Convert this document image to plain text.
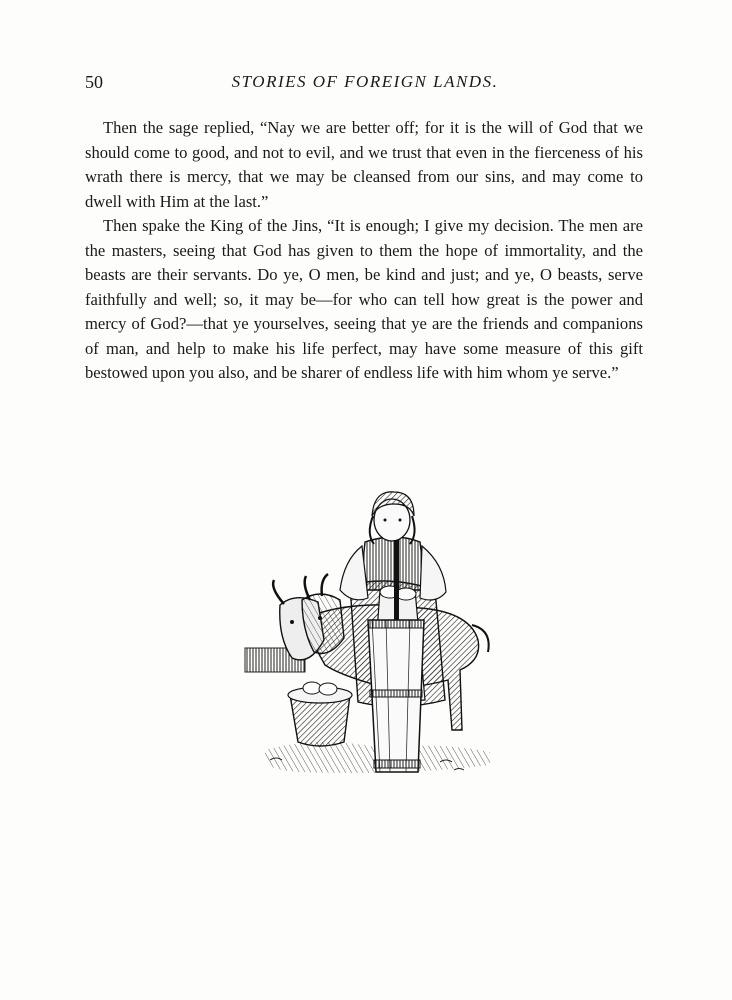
50	STORIES OF FOREIGN LANDS.

Then the sage replied, “Nay we are better off; for it is the will of God that we should come to good, and not to evil, and we trust that even in the fierceness of his wrath there is mercy, that we may be cleansed from our sins, and may come to dwell with Him at the last.”

Then spake the King of the Jins, “It is enough; I give my decision. The men are the masters, seeing that God has given to them the hope of immortality, and the beasts are their servants. Do ye, O men, be kind and just; and ye, O beasts, serve faithfully and well; so, it may be—for who can tell how great is the power and mercy of God?—that ye yourselves, seeing that ye are the friends and companions of man, and help to make his life perfect, may have some measure of this gift bestowed upon you also, and be sharer of endless life with him whom ye serve.”
